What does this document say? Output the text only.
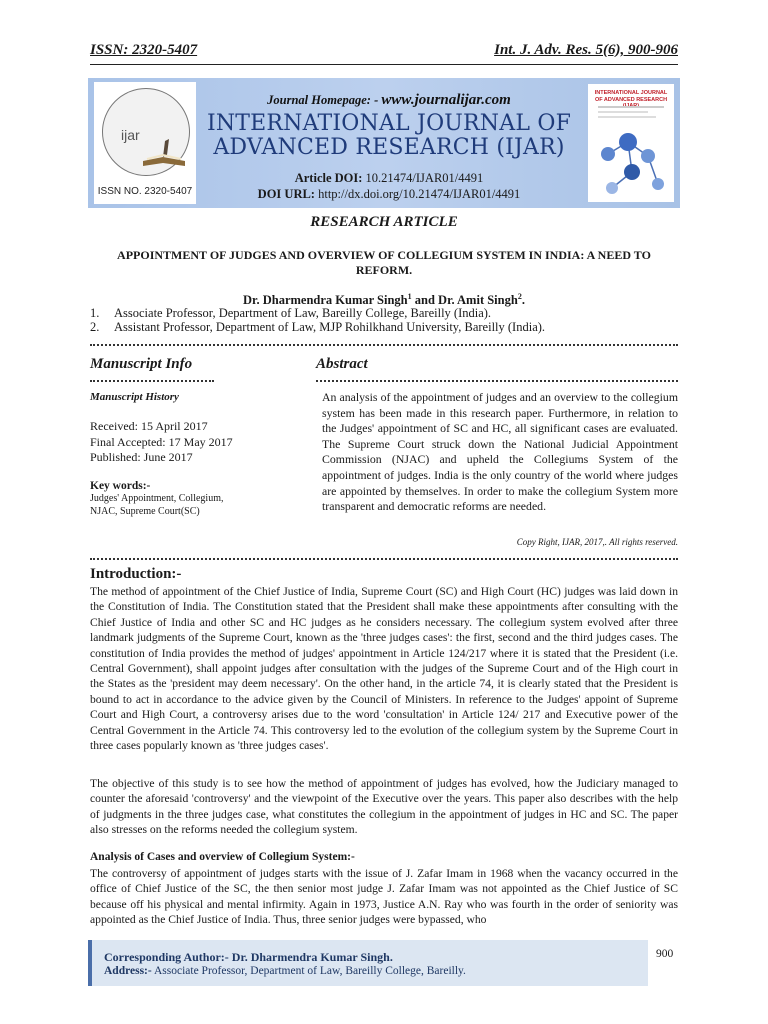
ISSN: 2320-5407	Int. J. Adv. Res. 5(6), 900-906
ijar
ISSN NO. 2320-5407
Journal Homepage: - www.journalijar.com
INTERNATIONAL JOURNAL OF
ADVANCED RESEARCH (IJAR)
Article DOI: 10.21474/IJAR01/4491
DOI URL: http://dx.doi.org/10.21474/IJAR01/4491
INTERNATIONAL JOURNAL OF ADVANCED RESEARCH
RESEARCH ARTICLE
APPOINTMENT OF JUDGES AND OVERVIEW OF COLLEGIUM SYSTEM IN INDIA: A NEED TO REFORM.
Dr. Dharmendra Kumar Singh$^1$ and Dr. Amit Singh$^2$.
1. Associate Professor, Department of Law, Bareilly College, Bareilly (India).
2. Assistant Professor, Department of Law, MJP Rohilkhand University, Bareilly (India).
Manuscript Info	Abstract
Manuscript History
Received: 15 April 2017
Final Accepted: 17 May 2017
Published: June 2017
Key words:-
Judges' Appointment, Collegium,
NJAC, Supreme Court(SC)
An analysis of the appointment of judges and an overview to the collegium system has been made in this research paper. Furthermore, in relation to the Judges' appointment of SC and HC, all significant cases are evaluated. The Supreme Court struck down the National Judicial Appointment Commission (NJAC) and upheld the Collegiums System of the appointment of judges. India is the only country of the world where judges are appointed by themselves. In order to make the collegium System more transparent and democratic reforms are needed.
Copy Right, IJAR, 2017,. All rights reserved.
Introduction:-
The method of appointment of the Chief Justice of India, Supreme Court (SC) and High Court (HC) judges was laid down in the Constitution of India. The Constitution stated that the President shall make these appointments after consulting with the Chief Justice of India and other SC and HC judges as he considers necessary. The collegium system evolved after three landmark judgments of the Supreme Court, known as the 'three judges cases': the first, second and the third judges cases. The constitution of India provides the method of judges' appointment in Article 124/217 where it is stated that the President (i.e. Central Government), shall appoint judges after consultation with the judges of the Supreme Court and of the High court in the States as the 'president may deem necessary'. On the other hand, in the article 74, it is clearly stated that the President is bound to act in accordance to the advice given by the Council of Ministers. In reference to the Judges' appoint of Supreme Court and High Court, a controversy arises due to the word 'consultation' in Article 124/ 217 and Executive power of the Central Government in the Article 74. This controversy led to the evolution of the collegium system by the Supreme Court in three cases popularly known as 'three judges cases'.
The objective of this study is to see how the method of appointment of judges has evolved, how the Judiciary managed to counter the aforesaid 'controversy' and the viewpoint of the Executive over the years. This paper also describes with the help of judgments in the three judges case, what constitutes the collegium in the appointment of judges in HC and SC. The paper also stresses on the reforms needed the collegium system.
Analysis of Cases and overview of Collegium System:-
The controversy of appointment of judges starts with the issue of J. Zafar Imam in 1968 when the vacancy occurred in the office of Chief Justice of the SC, the then senior most judge J. Zafar Imam was not appointed as the Chief Justice of SC because off his physical and mental infirmity. Again in 1973, Justice A.N. Ray who was fourth in the order of seniority was appointed as the Chief Justice of India. Thus, three senior judges were bypassed, who
Corresponding Author:- Dr. Dharmendra Kumar Singh.
Address:- Associate Professor, Department of Law, Bareilly College, Bareilly.
900
